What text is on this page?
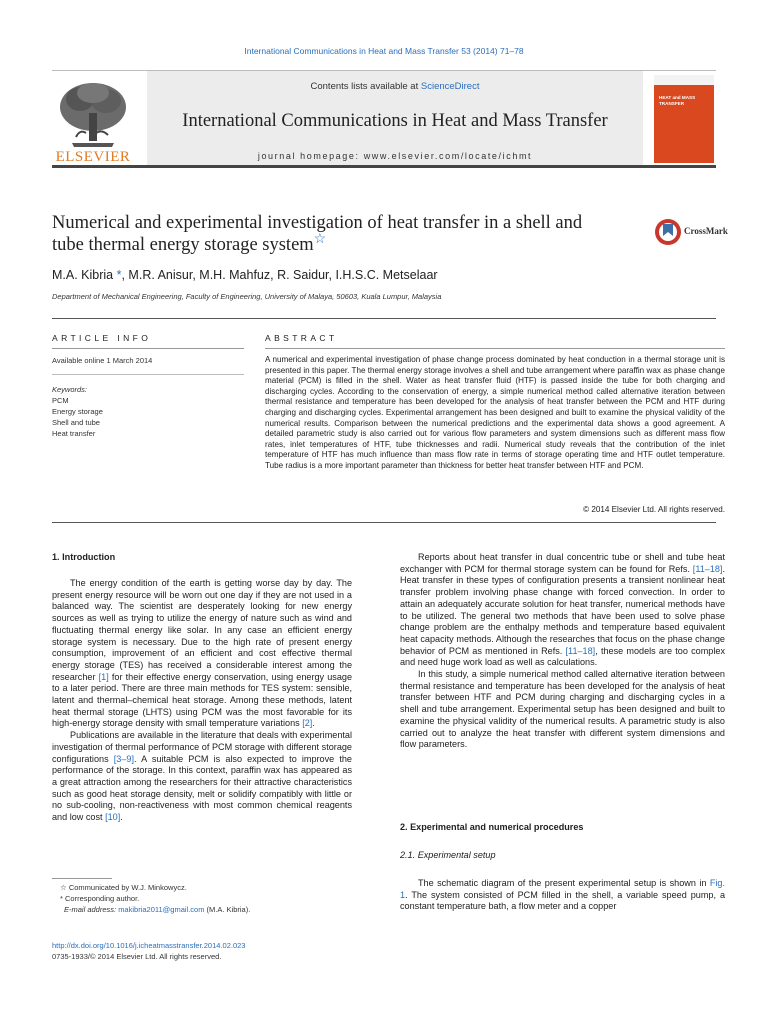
International Communications in Heat and Mass Transfer 53 (2014) 71–78
ELSEVIER
Contents lists available at ScienceDirect
International Communications in Heat and Mass Transfer
journal homepage: www.elsevier.com/locate/ichmt
HEAT and MASS TRANSFER
Numerical and experimental investigation of heat transfer in a shell and tube thermal energy storage system☆
CrossMark
M.A. Kibria *, M.R. Anisur, M.H. Mahfuz, R. Saidur, I.H.S.C. Metselaar
Department of Mechanical Engineering, Faculty of Engineering, University of Malaya, 50603, Kuala Lumpur, Malaysia
ARTICLE INFO	ABSTRACT
Available online 1 March 2014
Keywords:
PCM
Energy storage
Shell and tube
Heat transfer
A numerical and experimental investigation of phase change process dominated by heat conduction in a thermal storage unit is presented in this paper. The thermal energy storage involves a shell and tube arrangement where paraffin wax as phase change material (PCM) is filled in the shell. Water as heat transfer fluid (HTF) is passed inside the tube for both charging and discharging cycles. According to the conservation of energy, a simple numerical method called alternative iteration between thermal resistance and temperature has been developed for the analysis of heat transfer between the PCM and HTF during charging and discharging cycles. Experimental arrangement has been designed and built to examine the physical validity of the numerical results. Comparison between the numerical predictions and the experimental data shows a good agreement. A detailed parametric study is also carried out for various flow parameters and system dimensions such as different mass flow rates, inlet temperatures of HTF, tube thicknesses and radii. Numerical study reveals that the contribution of the inlet temperature of HTF has much influence than mass flow rate in terms of storage operating time and HTF outlet temperature. Tube radius is a more important parameter than thickness for better heat transfer between HTF and PCM.
© 2014 Elsevier Ltd. All rights reserved.
1. Introduction

The energy condition of the earth is getting worse day by day. The present energy resource will be worn out one day if they are not used in a balanced way. The scientist are desperately looking for new energy sources as well as trying to utilize the energy of nature such as wind and fluctuating thermal energy like solar. In any case an efficient energy storage system is necessary. Due to the high rate of present energy consumption, improvement of an efficient and cost effective thermal energy storage (TES) has received a considerable interest among the researcher [1] for their effective energy conservation, using energy usage to a later period. There are three main methods for TES system: sensible, latent and thermal–chemical heat storage. Among these methods, latent heat thermal storage (LHTS) using PCM was the most favorable for its high-energy storage density with small temperature variations [2].

Publications are available in the literature that deals with experimental investigation of thermal performance of PCM storage with different storage configurations [3–9]. A suitable PCM is also expected to improve the performance of the storage. In this context, paraffin wax has appeared as a great attraction among the researchers for their attractive characteristics such as good heat storage density, melt or solidify compatibly with little or no sub-cooling, non-reactiveness with most common chemical reagents and low cost [10].

Reports about heat transfer in dual concentric tube or shell and tube heat exchanger with PCM for thermal storage system can be found for Refs. [11–18]. Heat transfer in these types of configuration presents a transient nonlinear heat transfer problem involving phase change with forced convection. In order to attain an adequately accurate solution for heat transfer, numerical methods have to be utilized. The general two methods that have been used to solve phase change problem are the enthalpy methods and temperature based equivalent heat capacity methods. Although the researches that focus on the phase change behavior of PCM as mentioned in Refs. [11–18], these models are too complex and need huge work load as well as calculations.

In this study, a simple numerical method called alternative iteration between thermal resistance and temperature has been developed for the analysis of heat transfer between HTF and PCM during charging and discharging cycles in a shell and tube arrangement. Experimental setup has been designed and built to examine the physical validity of the numerical results. A parametric study is also carried out to analyze the heat transfer with different system dimensions and flow parameters.

2. Experimental and numerical procedures
2.1. Experimental setup

The schematic diagram of the present experimental setup is shown in Fig. 1. The system consisted of PCM filled in the shell, a variable speed pump, a constant temperature bath, a flow meter and a copper

☆ Communicated by W.J. Minkowycz.
* Corresponding author.
E-mail address: makibria2011@gmail.com (M.A. Kibria).
http://dx.doi.org/10.1016/j.icheatmasstransfer.2014.02.023
0735-1933/© 2014 Elsevier Ltd. All rights reserved.
